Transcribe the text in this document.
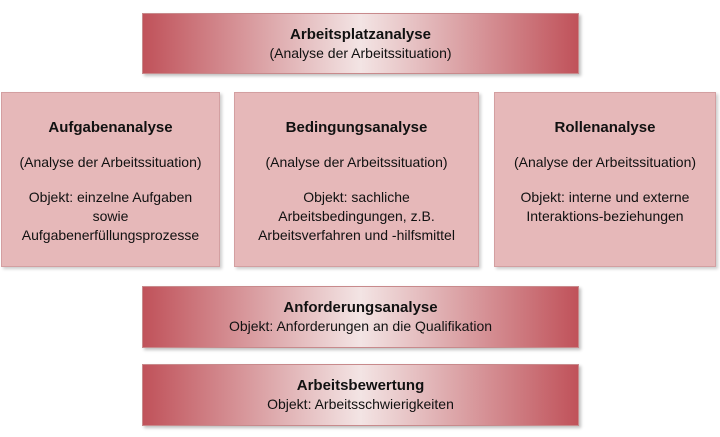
Arbeitsplatzanalyse
(Analyse der Arbeitssituation)
Aufgabenanalyse
(Analyse der Arbeitssituation)
Objekt: einzelne Aufgaben
sowie
Aufgabenerfüllungsprozesse
Bedingungsanalyse
(Analyse der Arbeitssituation)
Objekt: sachliche
Arbeitsbedingungen, z.B.
Arbeitsverfahren und -hilfsmittel
Rollenanalyse
(Analyse der Arbeitssituation)
Objekt: interne und externe
Interaktions-beziehungen
Anforderungsanalyse
Objekt: Anforderungen an die Qualifikation
Arbeitsbewertung
Objekt: Arbeitsschwierigkeiten
